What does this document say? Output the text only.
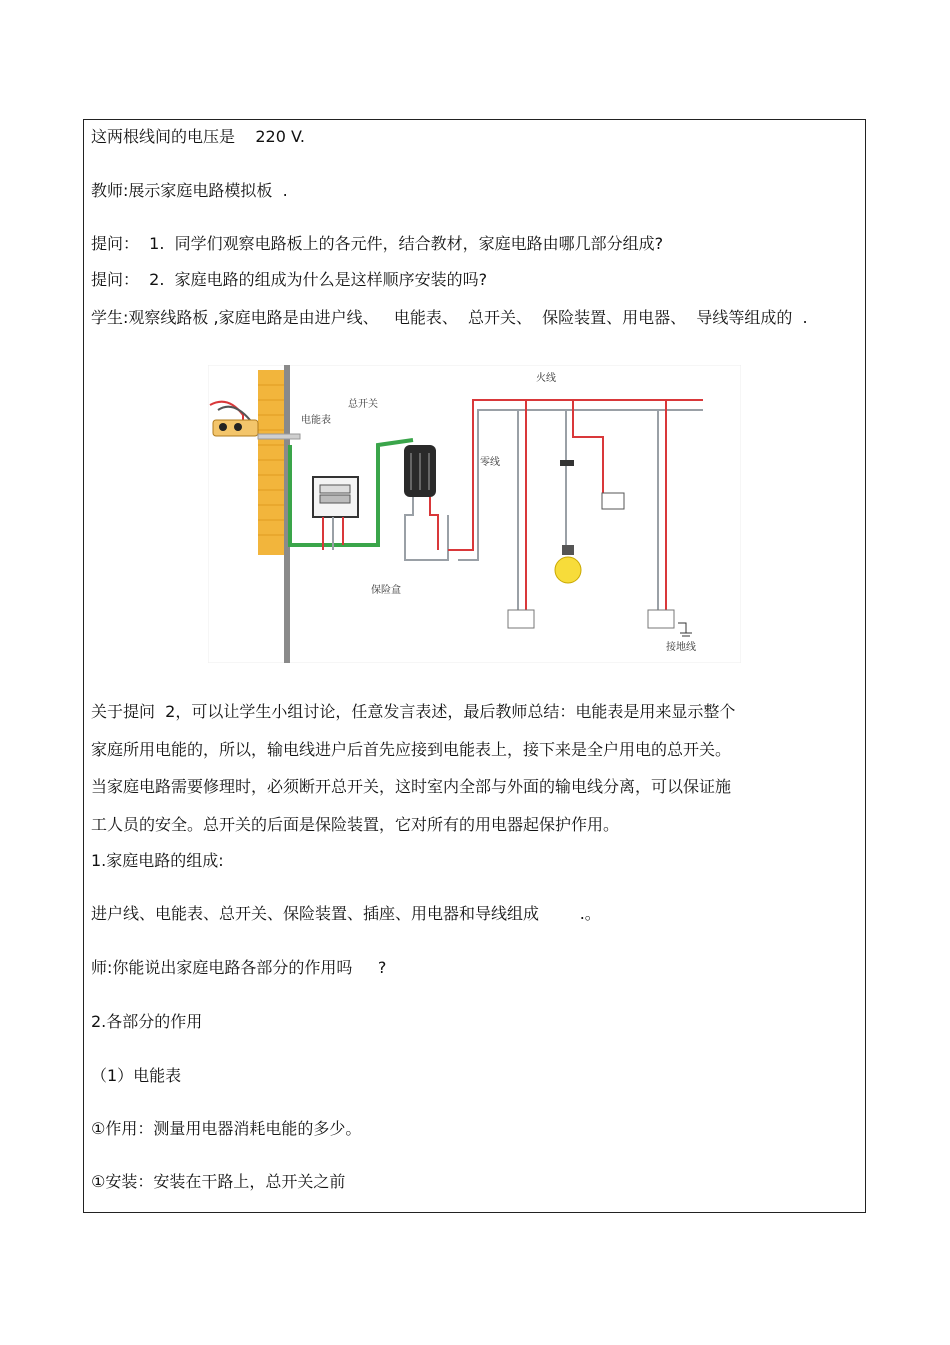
这两根线间的电压是    220 V.
教师:展示家庭电路模拟板  .
提问：  1.  同学们观察电路板上的各元件，结合教材，家庭电路由哪几部分组成?
提问：  2.  家庭电路的组成为什么是这样顺序安装的吗?
学生:观察线路板 ,家庭电路是由进户线、   电能表、  总开关、  保险装置、用电器、  导线等组成的  .
电能表
总开关
保险盒
火线
零线
接地线
关于提问  2，可以让学生小组讨论，任意发言表述，最后教师总结：电能表是用来显示整个
家庭所用电能的，所以，输电线进户后首先应接到电能表上，接下来是全户用电的总开关。
当家庭电路需要修理时，必须断开总开关，这时室内全部与外面的输电线分离，可以保证施
工人员的安全。总开关的后面是保险装置，它对所有的用电器起保护作用。
1.家庭电路的组成:
进户线、电能表、总开关、保险装置、插座、用电器和导线组成        .。
师:你能说出家庭电路各部分的作用吗     ?
2.各部分的作用
（1）电能表
①作用：测量用电器消耗电能的多少。
①安装：安装在干路上，总开关之前
